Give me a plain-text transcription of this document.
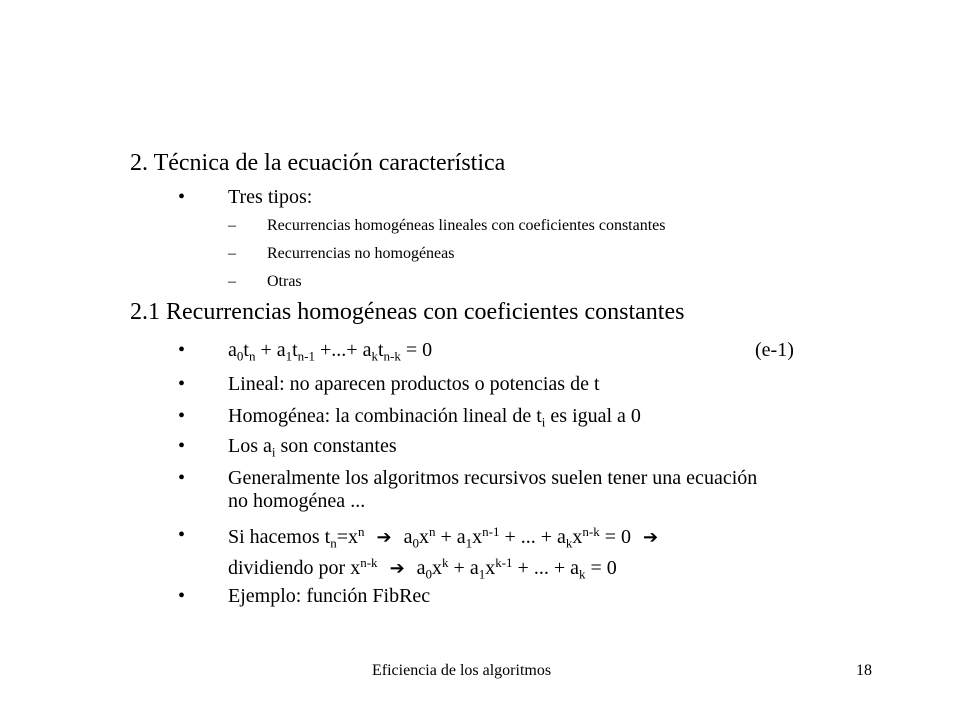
2. Técnica de la ecuación característica
• Tres tipos:
– Recurrencias homogéneas lineales con coeficientes constantes
– Recurrencias no homogéneas
– Otras
2.1 Recurrencias homogéneas con coeficientes constantes
• $a_0t_n + a_1t_{n-1}$ +...+ $a_kt_{n-k} = 0$	(e-1)
• Lineal: no aparecen productos o potencias de t
• Homogénea: la combinación lineal de $t_i$ es igual a 0
• Los $a_i$ son constantes
• Generalmente los algoritmos recursivos suelen tener una ecuación
no homogénea ...
• Si hacemos $t_n=x^n$ ➔ $a_0x^n + a_1x^{n-1}$ + ... + $a_kx^{n-k} = 0$ ➔
dividiendo por $x^{n-k}$ ➔ $a_0x^k + a_1x^{k-1}$ + ... + $a_k = 0$
• Ejemplo: función FibRec
Eficiencia de los algoritmos	18
